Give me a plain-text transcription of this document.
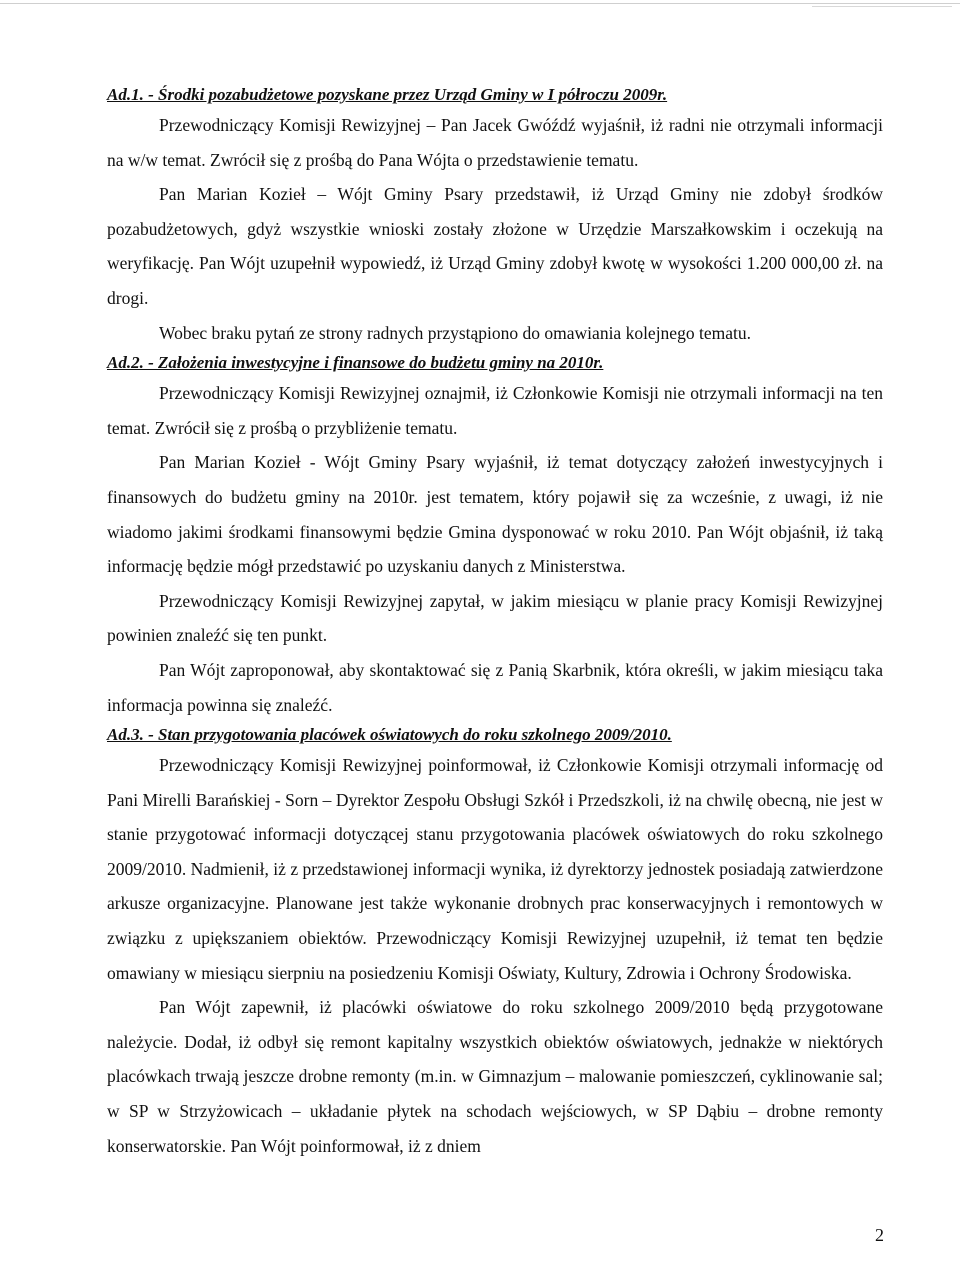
Ad.1. - Środki pozabudżetowe pozyskane przez Urząd Gminy w I półroczu 2009r.

Przewodniczący Komisji Rewizyjnej – Pan Jacek Gwóźdź wyjaśnił, iż radni nie otrzymali informacji na w/w temat. Zwrócił się z prośbą do Pana Wójta o przedstawienie tematu.

Pan Marian Kozieł – Wójt Gminy Psary przedstawił, iż Urząd Gminy nie zdobył środków pozabudżetowych, gdyż wszystkie wnioski zostały złożone w Urzędzie Marszałkowskim i oczekują na weryfikację. Pan Wójt uzupełnił wypowiedź, iż Urząd Gminy zdobył kwotę w wysokości 1.200 000,00 zł. na drogi.

Wobec braku pytań ze strony radnych przystąpiono do omawiania kolejnego tematu.

Ad.2. - Założenia inwestycyjne i finansowe do budżetu gminy na 2010r.

Przewodniczący Komisji Rewizyjnej oznajmił, iż Członkowie Komisji nie otrzymali informacji na ten temat. Zwrócił się z prośbą o przybliżenie tematu.

Pan Marian Kozieł - Wójt Gminy Psary wyjaśnił, iż temat dotyczący założeń inwestycyjnych i finansowych do budżetu gminy na 2010r. jest tematem, który pojawił się za wcześnie, z uwagi, iż nie wiadomo jakimi środkami finansowymi będzie Gmina dysponować w roku 2010. Pan Wójt objaśnił, iż taką informację będzie mógł przedstawić po uzyskaniu danych z Ministerstwa.

Przewodniczący Komisji Rewizyjnej zapytał, w jakim miesiącu w planie pracy Komisji Rewizyjnej powinien znaleźć się ten punkt.

Pan Wójt zaproponował, aby skontaktować się z Panią Skarbnik, która określi, w jakim miesiącu taka informacja powinna się znaleźć.

Ad.3. - Stan przygotowania placówek oświatowych do roku szkolnego 2009/2010.

Przewodniczący Komisji Rewizyjnej poinformował, iż Członkowie Komisji otrzymali informację od Pani Mirelli Barańskiej - Sorn – Dyrektor Zespołu Obsługi Szkół i Przedszkoli, iż na chwilę obecną, nie jest w stanie przygotować informacji dotyczącej stanu przygotowania placówek oświatowych do roku szkolnego 2009/2010. Nadmienił, iż z przedstawionej informacji wynika, iż dyrektorzy jednostek posiadają zatwierdzone arkusze organizacyjne. Planowane jest także wykonanie drobnych prac konserwacyjnych i remontowych w związku z upiększaniem obiektów. Przewodniczący Komisji Rewizyjnej uzupełnił, iż temat ten będzie omawiany w miesiącu sierpniu na posiedzeniu Komisji Oświaty, Kultury, Zdrowia i Ochrony Środowiska.

Pan Wójt zapewnił, iż placówki oświatowe do roku szkolnego 2009/2010 będą przygotowane należycie. Dodał, iż odbył się remont kapitalny wszystkich obiektów oświatowych, jednakże w niektórych placówkach trwają jeszcze drobne remonty (m.in. w Gimnazjum – malowanie pomieszczeń, cyklinowanie sal; w SP w Strzyżowicach – układanie płytek na schodach wejściowych, w SP Dąbiu – drobne remonty konserwatorskie. Pan Wójt poinformował, iż z dniem

2
